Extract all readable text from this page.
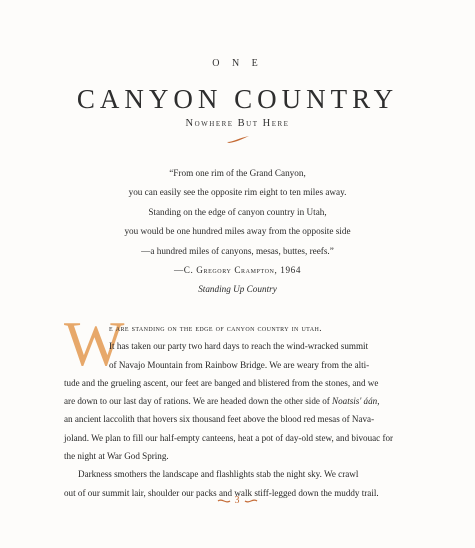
O N E
CANYON COUNTRY
Nowhere But Here
“From one rim of the Grand Canyon,
you can easily see the opposite rim eight to ten miles away.
Standing on the edge of canyon country in Utah,
you would be one hundred miles away from the opposite side
—a hundred miles of canyons, mesas, buttes, reefs.”
—C. Gregory Crampton, 1964
Standing Up Country
W
e are standing on the edge of canyon country in utah.
It has taken our party two hard days to reach the wind-wracked summit
of Navajo Mountain from Rainbow Bridge. We are weary from the alti-
tude and the grueling ascent, our feet are banged and blistered from the stones, and we
are down to our last day of rations. We are headed down the other side of Noatsis' áán,
an ancient laccolith that hovers six thousand feet above the blood red mesas of Nava-
joland. We plan to fill our half-empty canteens, heat a pot of day-old stew, and bivouac for
the night at War God Spring.
Darkness smothers the landscape and flashlights stab the night sky. We crawl
out of our summit lair, shoulder our packs and walk stiff-legged down the muddy trail.
3
